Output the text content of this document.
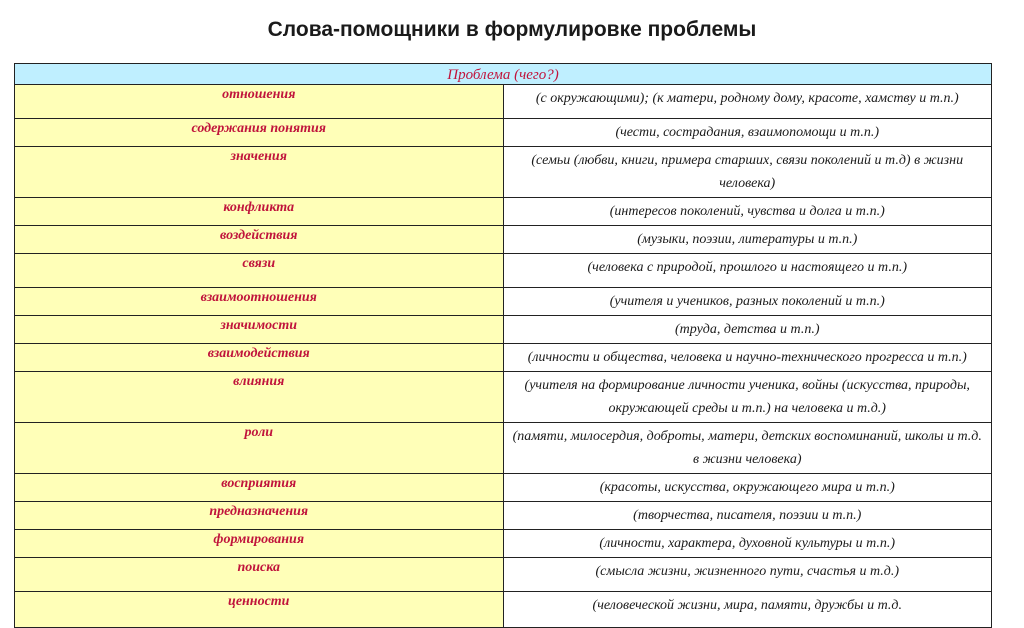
Слова-помощники в формулировке проблемы
Проблема (чего?)	
отношения	(с окружающими); (к матери, родному дому, красоте, хамству и т.п.)
содержания понятия	(чести, сострадания, взаимопомощи и т.п.)
значения	(семьи (любви, книги, примера старших, связи поколений и т.д) в жизни человека)
конфликта	(интересов поколений, чувства и долга и т.п.)
воздействия	(музыки, поэзии, литературы и т.п.)
связи	(человека с природой, прошлого и настоящего и т.п.)
взаимоотношения	(учителя и учеников, разных поколений и т.п.)
значимости	(труда, детства и т.п.)
взаимодействия	(личности и общества, человека и научно-технического прогресса и т.п.)
влияния	(учителя на формирование личности ученика, войны (искусства, природы, окружающей среды и т.п.) на человека и т.д.)
роли	(памяти, милосердия, доброты, матери, детских воспоминаний, школы и т.д. в жизни человека)
восприятия	(красоты, искусства, окружающего мира и т.п.)
предназначения	(творчества, писателя, поэзии и т.п.)
формирования	(личности, характера, духовной культуры и т.п.)
поиска	(смысла жизни, жизненного пути, счастья и т.д.)
ценности	(человеческой жизни, мира, памяти, дружбы и т.д.
